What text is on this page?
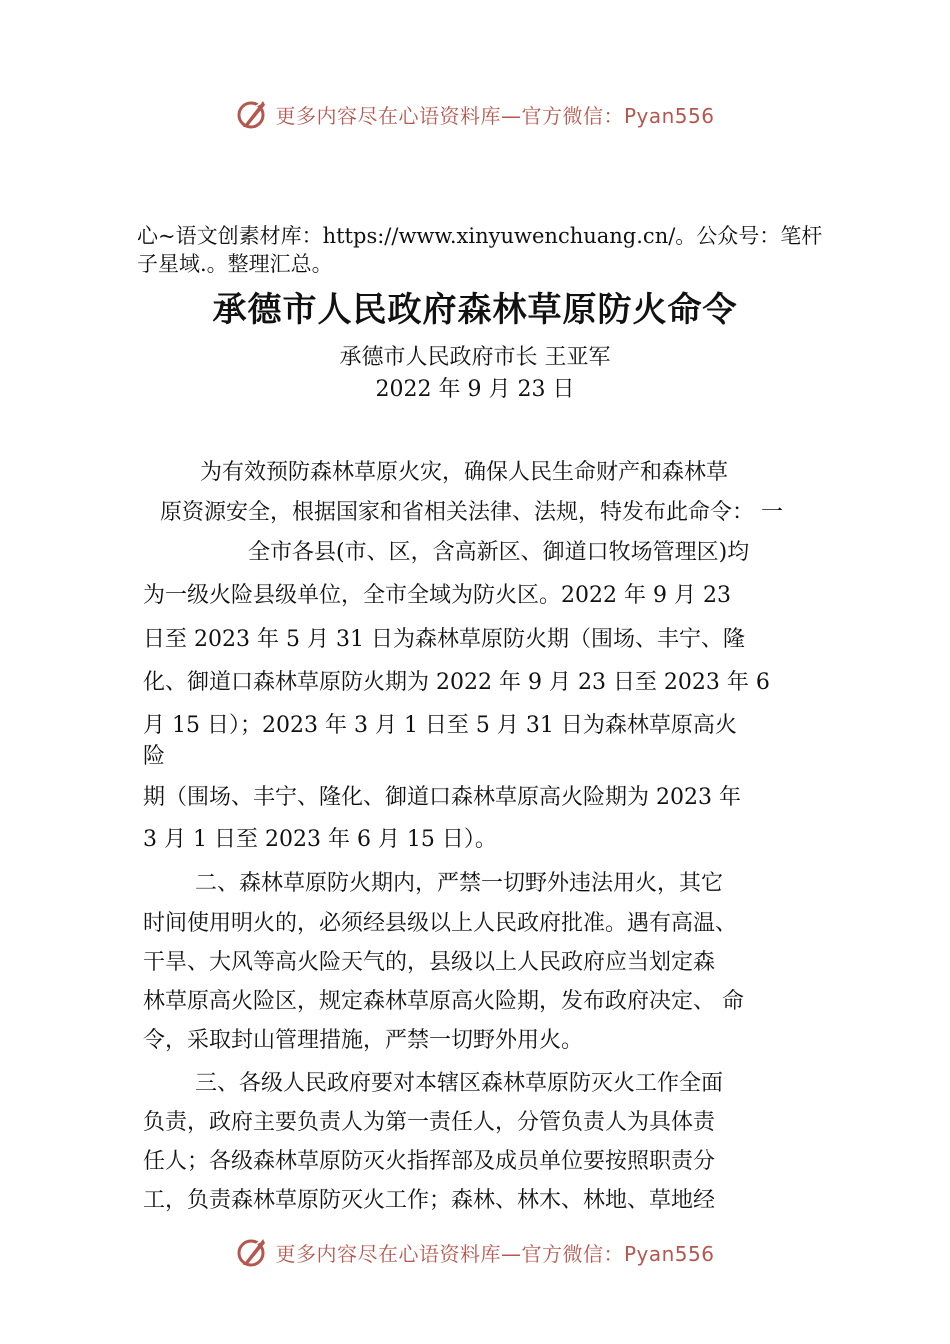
更多内容尽在心语资料库—官方微信：Pyan556

心~语文创素材库：https://www.xinyuwenchuang.cn/。公众号：笔杆子星域.。整理汇总。

承德市人民政府森林草原防火命令

承德市人民政府市长 王亚军

2022 年 9 月 23 日

为有效预防森林草原火灾，确保人民生命财产和森林草

原资源安全，根据国家和省相关法律、法规，特发布此命令： 一

全市各县(市、区，含高新区、御道口牧场管理区)均

为一级火险县级单位，全市全域为防火区。2022 年 9 月 23

日至 2023 年 5 月 31 日为森林草原防火期（围场、丰宁、隆

化、御道口森林草原防火期为 2022 年 9 月 23 日至 2023 年 6

月 15 日）；2023 年 3 月 1 日至 5 月 31 日为森林草原高火

险

期（围场、丰宁、隆化、御道口森林草原高火险期为 2023 年

3 月 1 日至 2023 年 6 月 15 日）。

二、森林草原防火期内，严禁一切野外违法用火，其它

时间使用明火的，必须经县级以上人民政府批准。遇有高温、

干旱、大风等高火险天气的，县级以上人民政府应当划定森

林草原高火险区，规定森林草原高火险期，发布政府决定、 命

令，采取封山管理措施，严禁一切野外用火。

三、各级人民政府要对本辖区森林草原防灭火工作全面

负责，政府主要负责人为第一责任人，分管负责人为具体责

任人；各级森林草原防灭火指挥部及成员单位要按照职责分

工，负责森林草原防灭火工作；森林、林木、林地、草地经

更多内容尽在心语资料库—官方微信：Pyan556
